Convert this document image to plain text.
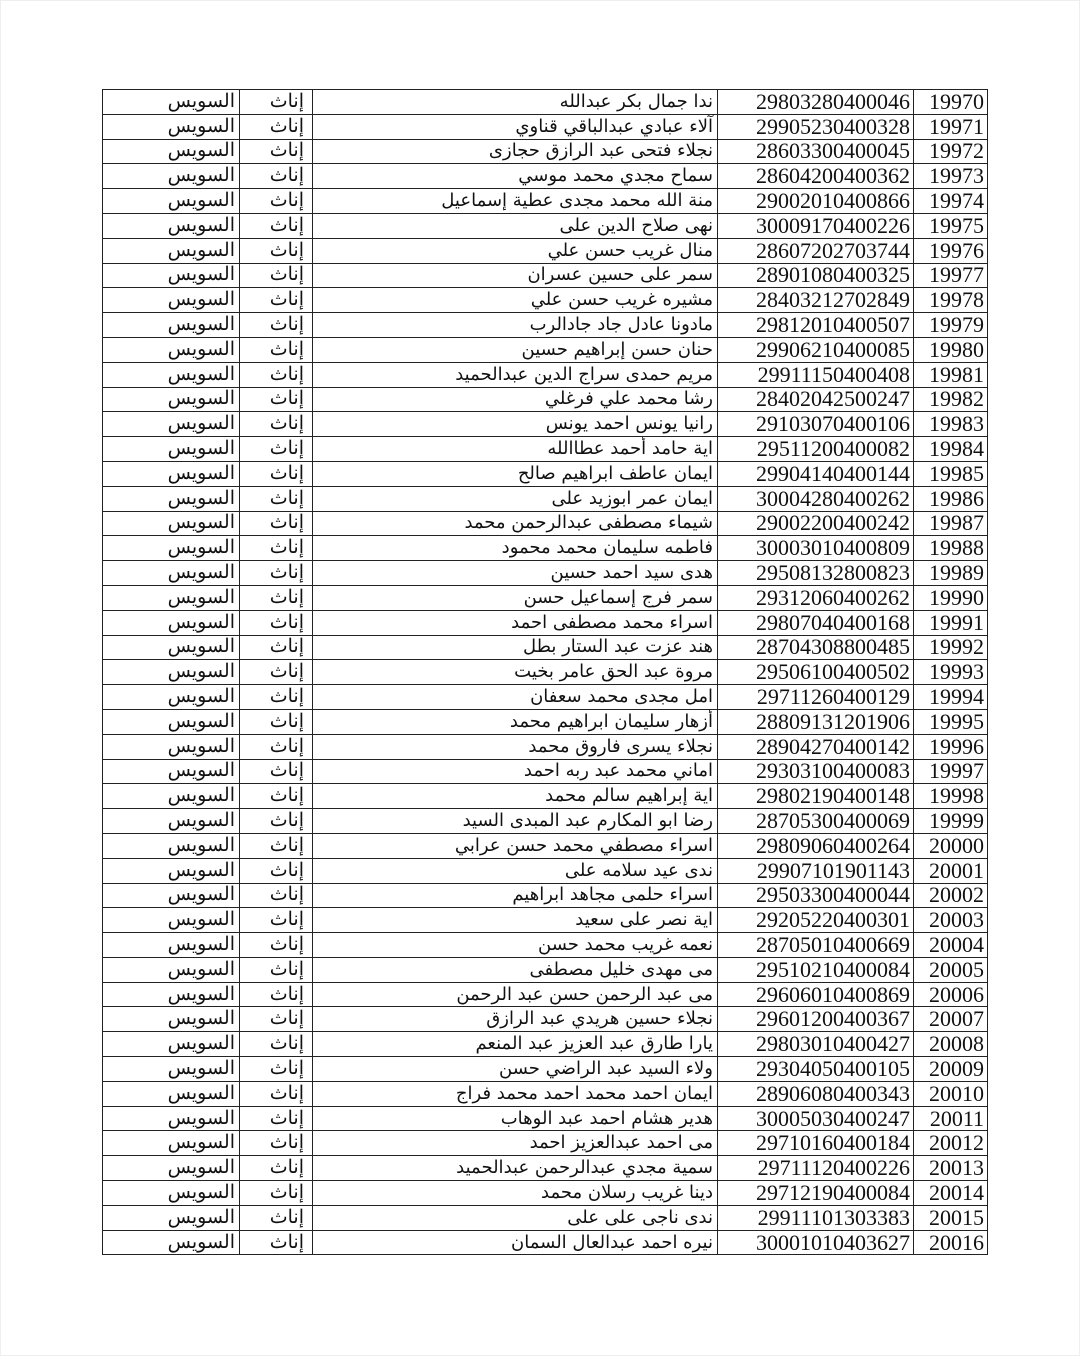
السويس	إناث	ندا جمال بكر عبدالله	29803280400046	19970
السويس	إناث	آلاء عبادي عبدالباقي قناوي	29905230400328	19971
السويس	إناث	نجلاء فتحى عبد الرازق حجازى	28603300400045	19972
السويس	إناث	سماح مجدي محمد موسي	28604200400362	19973
السويس	إناث	منة الله محمد مجدى عطية إسماعيل	29002010400866	19974
السويس	إناث	نهى صلاح الدين على	30009170400226	19975
السويس	إناث	منال غريب حسن علي	28607202703744	19976
السويس	إناث	سمر على حسين عسران	28901080400325	19977
السويس	إناث	مشيره غريب حسن علي	28403212702849	19978
السويس	إناث	مادونا عادل جاد جادالرب	29812010400507	19979
السويس	إناث	حنان حسن إبراهيم حسين	29906210400085	19980
السويس	إناث	مريم حمدى سراج الدين عبدالحميد	29911150400408	19981
السويس	إناث	رشا محمد علي فرغلي	28402042500247	19982
السويس	إناث	رانيا يونس احمد يونس	29103070400106	19983
السويس	إناث	اية حامد أحمد عطاالله	29511200400082	19984
السويس	إناث	ايمان عاطف ابراهيم صالح	29904140400144	19985
السويس	إناث	ايمان عمر ابوزيد على	30004280400262	19986
السويس	إناث	شيماء مصطفى عبدالرحمن محمد	29002200400242	19987
السويس	إناث	فاطمه سليمان محمد محمود	30003010400809	19988
السويس	إناث	هدى سيد احمد حسين	29508132800823	19989
السويس	إناث	سمر فرج إسماعيل حسن	29312060400262	19990
السويس	إناث	اسراء محمد مصطفى احمد	29807040400168	19991
السويس	إناث	هند عزت عبد الستار بطل	28704308800485	19992
السويس	إناث	مروة عبد الحق عامر بخيت	29506100400502	19993
السويس	إناث	امل مجدى محمد سعفان	29711260400129	19994
السويس	إناث	أزهار سليمان ابراهيم محمد	28809131201906	19995
السويس	إناث	نجلاء يسرى فاروق محمد	28904270400142	19996
السويس	إناث	اماني محمد عبد ربه احمد	29303100400083	19997
السويس	إناث	اية إبراهيم سالم محمد	29802190400148	19998
السويس	إناث	رضا ابو المكارم عبد المبدى السيد	28705300400069	19999
السويس	إناث	اسراء مصطفي محمد حسن عرابي	29809060400264	20000
السويس	إناث	ندى عيد سلامه على	29907101901143	20001
السويس	إناث	اسراء حلمى مجاهد ابراهيم	29503300400044	20002
السويس	إناث	اية نصر على سعيد	29205220400301	20003
السويس	إناث	نعمه غريب محمد حسن	28705010400669	20004
السويس	إناث	مى مهدى خليل مصطفى	29510210400084	20005
السويس	إناث	مى عبد الرحمن حسن عبد الرحمن	29606010400869	20006
السويس	إناث	نجلاء حسين هريدي عبد الرازق	29601200400367	20007
السويس	إناث	يارا طارق عبد العزيز عبد المنعم	29803010400427	20008
السويس	إناث	ولاء السيد عبد الراضي حسن	29304050400105	20009
السويس	إناث	ايمان احمد محمد احمد محمد فراج	28906080400343	20010
السويس	إناث	هدير هشام احمد عبد الوهاب	30005030400247	20011
السويس	إناث	مى احمد عبدالعزيز احمد	29710160400184	20012
السويس	إناث	سمية مجدي عبدالرحمن عبدالحميد	29711120400226	20013
السويس	إناث	دينا غريب رسلان محمد	29712190400084	20014
السويس	إناث	ندى ناجى على على	29911101303383	20015
السويس	إناث	نيره احمد عبدالعال السمان	30001010403627	20016
